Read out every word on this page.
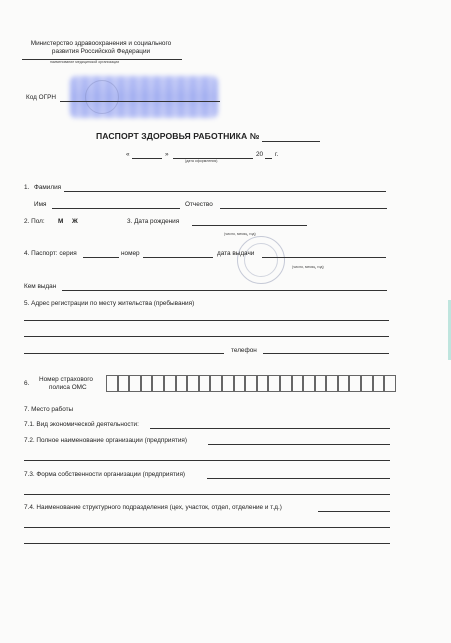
Министерство здравоохранения и социального
развития Российской Федерации
наименование медицинской организации
Код ОГРН
ПАСПОРТ ЗДОРОВЬЯ РАБОТНИКА №
«	»	20 г.
(дата оформления)
1. Фамилия
Имя	Отчество
2. Пол: М Ж	3. Дата рождения
(число, месяц, год)
4. Паспорт: серия	номер	дата выдачи
(число, месяц, год)
Кем выдан
5. Адрес регистрации по месту жительства (пребывания)
телефон
6.
Номер страхового
полиса ОМС
7. Место работы
7.1. Вид экономической деятельности:
7.2. Полное наименование организации (предприятия)
7.3. Форма собственности организации (предприятия)
7.4. Наименование структурного подразделения (цех, участок, отдел, отделение и т.д.)
